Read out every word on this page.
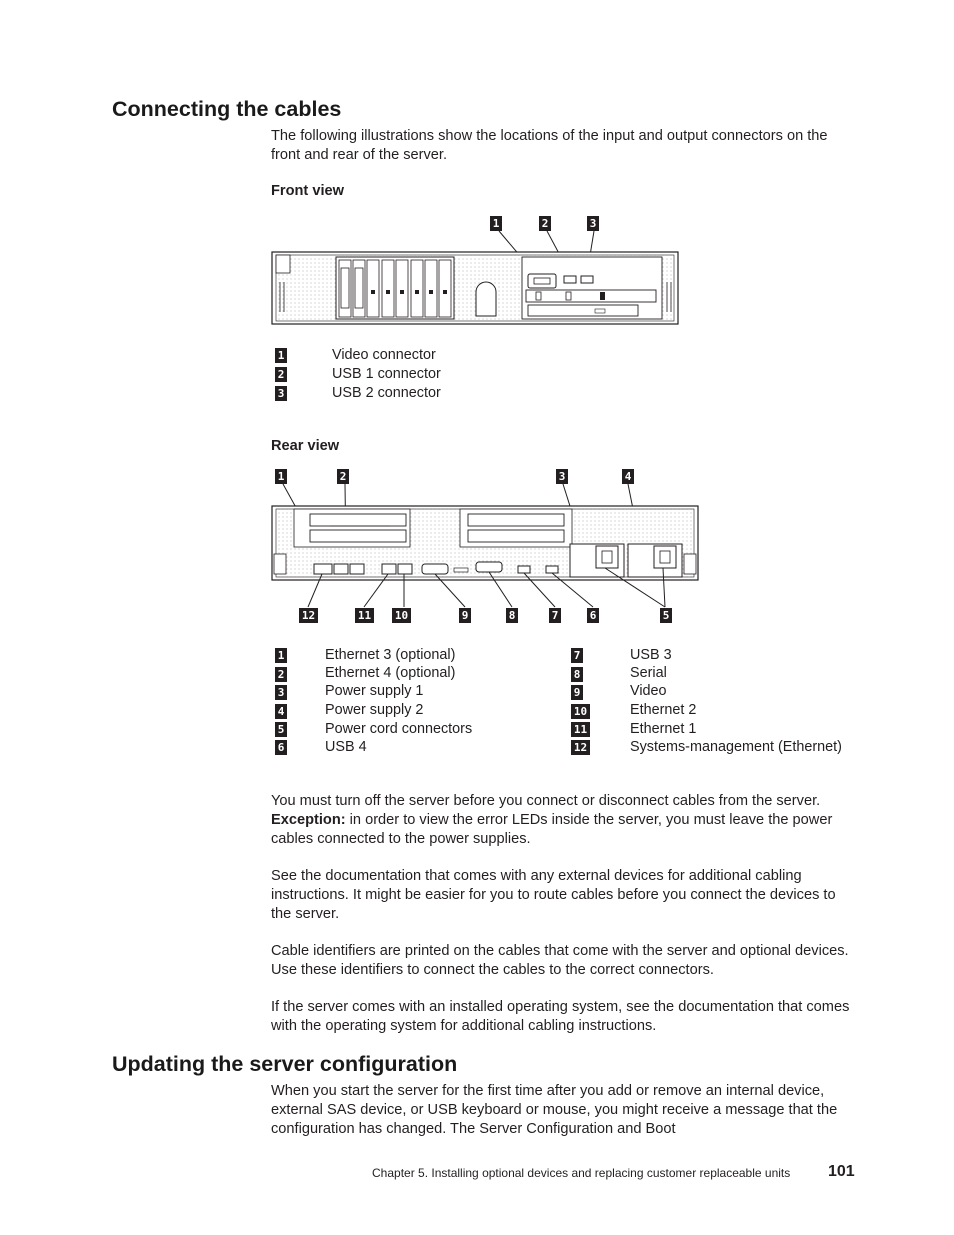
Connecting the cables

The following illustrations show the locations of the input and output connectors on the front and rear of the server.

Front view

1	2	3
1	Video connector
2	USB 1 connector
3	USB 2 connector

Rear view

1	2	3	4
12	11 10	9	8	7	6	5
1	Ethernet 3 (optional)
2	Ethernet 4 (optional)
3	Power supply 1
4	Power supply 2
5	Power cord connectors
6	USB 4
7	USB 3
8	Serial
9	Video
10	Ethernet 2
11	Ethernet 1
12	Systems-management (Ethernet)

You must turn off the server before you connect or disconnect cables from the server. Exception: in order to view the error LEDs inside the server, you must leave the power cables connected to the power supplies.

See the documentation that comes with any external devices for additional cabling instructions. It might be easier for you to route cables before you connect the devices to the server.

Cable identifiers are printed on the cables that come with the server and optional devices. Use these identifiers to connect the cables to the correct connectors.

If the server comes with an installed operating system, see the documentation that comes with the operating system for additional cabling instructions.

Updating the server configuration

When you start the server for the first time after you add or remove an internal device, external SAS device, or USB keyboard or mouse, you might receive a message that the configuration has changed. The Server Configuration and Boot

Chapter 5. Installing optional devices and replacing customer replaceable units 101
